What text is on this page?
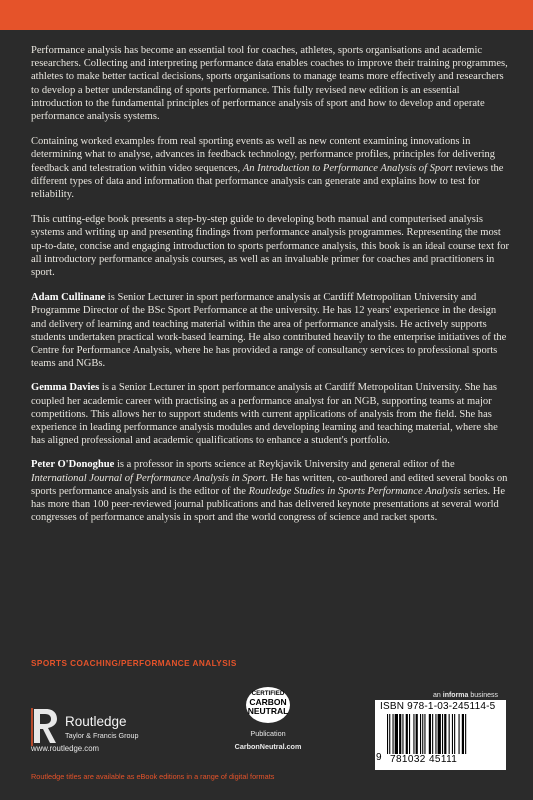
Performance analysis has become an essential tool for coaches, athletes, sports organisations and academic researchers. Collecting and interpreting performance data enables coaches to improve their training programmes, athletes to make better tactical decisions, sports organisations to manage teams more effectively and researchers to develop a better understanding of sports performance. This fully revised new edition is an essential introduction to the fundamental principles of performance analysis of sport and how to develop and operate performance analysis systems.

Containing worked examples from real sporting events as well as new content examining innovations in determining what to analyse, advances in feedback technology, performance profiles, principles for delivering feedback and telestration within video sequences, An Introduction to Performance Analysis of Sport reviews the different types of data and information that performance analysis can generate and explains how to test for reliability.

This cutting-edge book presents a step-by-step guide to developing both manual and computerised analysis systems and writing up and presenting findings from performance analysis programmes. Representing the most up-to-date, concise and engaging introduction to sports performance analysis, this book is an ideal course text for all introductory performance analysis courses, as well as an invaluable primer for coaches and practitioners in sport.

Adam Cullinane is Senior Lecturer in sport performance analysis at Cardiff Metropolitan University and Programme Director of the BSc Sport Performance at the university. He has 12 years' experience in the design and delivery of learning and teaching material within the area of performance analysis. He actively supports students undertaken practical work-based learning. He also contributed heavily to the enterprise initiatives of the Centre for Performance Analysis, where he has provided a range of consultancy services to professional sports teams and NGBs.

Gemma Davies is a Senior Lecturer in sport performance analysis at Cardiff Metropolitan University. She has coupled her academic career with practising as a performance analyst for an NGB, supporting teams at major competitions. This allows her to support students with current applications of analysis from the field. She has experience in leading performance analysis modules and developing learning and teaching material, where she has aligned professional and academic qualifications to enhance a student's portfolio.

Peter O'Donoghue is a professor in sports science at Reykjavik University and general editor of the International Journal of Performance Analysis in Sport. He has written, co-authored and edited several books on sports performance analysis and is the editor of the Routledge Studies in Sports Performance Analysis series. He has more than 100 peer-reviewed journal publications and has delivered keynote presentations at several world congresses of performance analysis in sport and the world congress of science and racket sports.

SPORTS COACHING/PERFORMANCE ANALYSIS
Routledge
Taylor & Francis Group
www.routledge.com
CERTIFIED
CARBON
NEUTRAL
Publication
CarbonNeutral.com
an informa business
ISBN 978-1-03-245114-5
9 781032 45111
Routledge titles are available as eBook editions in a range of digital formats
